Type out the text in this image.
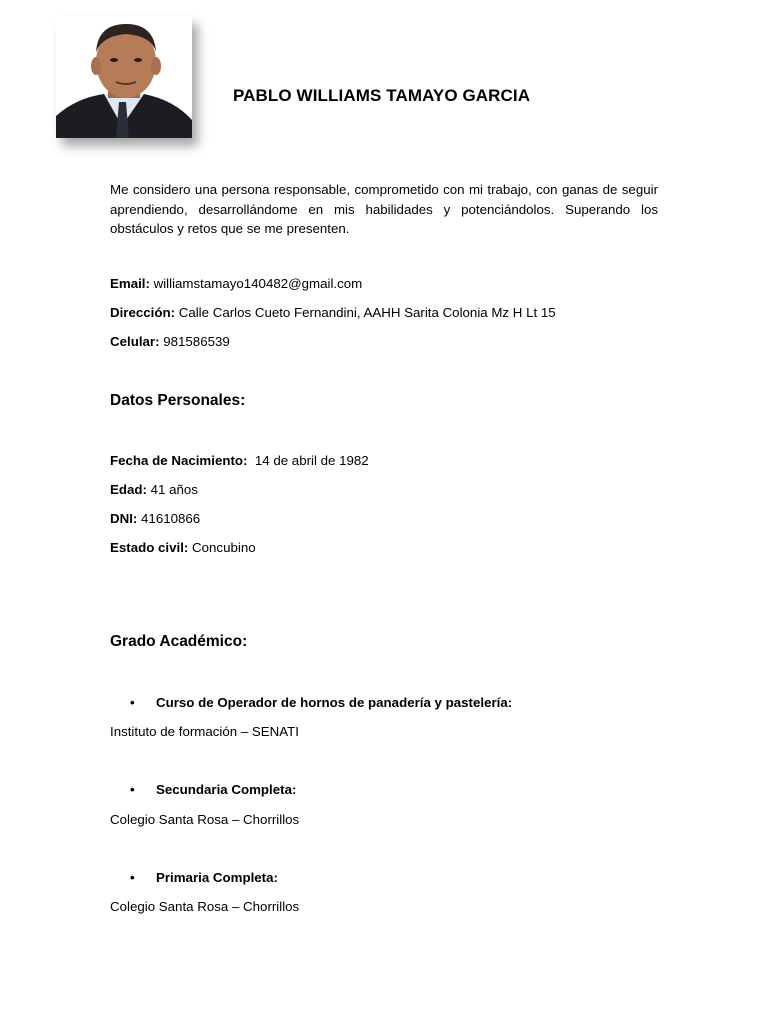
PABLO WILLIAMS TAMAYO GARCIA
Me considero una persona responsable, comprometido con mi trabajo, con ganas de seguir aprendiendo, desarrollándome en mis habilidades y potenciándolos. Superando los obstáculos y retos que se me presenten.
Email: williamstamayo140482@gmail.com
Dirección: Calle Carlos Cueto Fernandini, AAHH Sarita Colonia Mz H Lt 15
Celular: 981586539
Datos Personales:
Fecha de Nacimiento: 14 de abril de 1982
Edad: 41 años
DNI: 41610866
Estado civil: Concubino
Grado Académico:
• Curso de Operador de hornos de panadería y pastelería:
Instituto de formación – SENATI
• Secundaria Completa:
Colegio Santa Rosa – Chorrillos
• Primaria Completa:
Colegio Santa Rosa – Chorrillos
